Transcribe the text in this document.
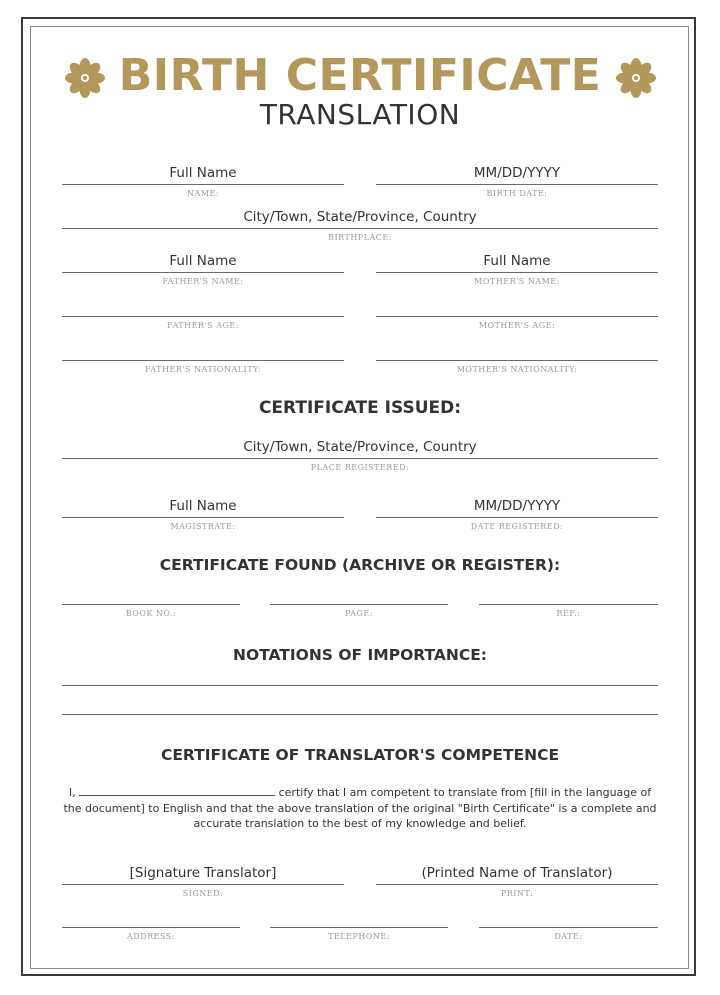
BIRTH CERTIFICATE
TRANSLATION
Full Name
NAME:
MM/DD/YYYY
BIRTH DATE:
City/Town, State/Province, Country
BIRTHPLACE:
Full Name
FATHER'S NAME:
Full Name
MOTHER'S NAME:
FATHER'S AGE:	MOTHER'S AGE:
FATHER'S NATIONALITY:	MOTHER'S NATIONALITY:
CERTIFICATE ISSUED:
City/Town, State/Province, Country
PLACE REGISTERED:
Full Name
MAGISTRATE:
MM/DD/YYYY
DATE REGISTERED:
CERTIFICATE FOUND (ARCHIVE OR REGISTER):
BOOK NO.:	PAGE:	REF.:
NOTATIONS OF IMPORTANCE:
CERTIFICATE OF TRANSLATOR'S COMPETENCE
I,	certify that I am competent to translate from [fill in the language of the document] to English and that the above translation of the original "Birth Certificate" is a complete and accurate translation to the best of my knowledge and belief.
[Signature Translator]
SIGNED:
(Printed Name of Translator)
PRINT:
ADDRESS:	TELEPHONE:	DATE:
